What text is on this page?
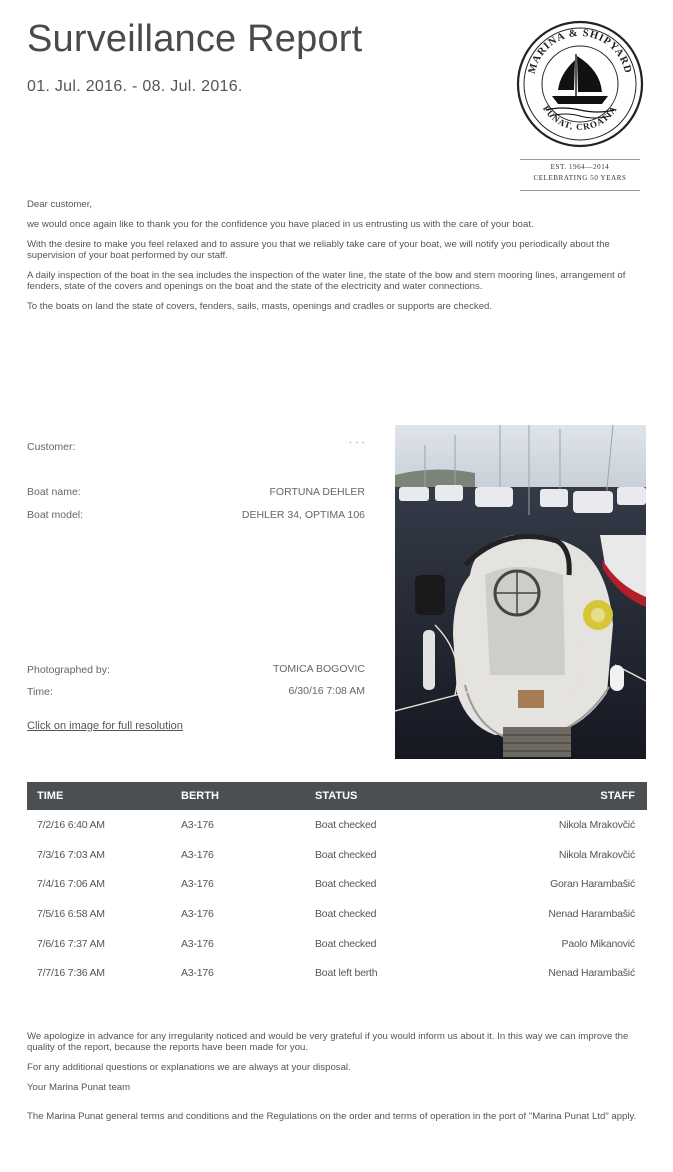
Surveillance Report
01. Jul. 2016. - 08. Jul. 2016.
MARINA & SHIPYARD
PUNAT, CROATIA
EST. 1964—2014
CELEBRATING 50 YEARS

Dear customer,

we would once again like to thank you for the confidence you have placed in us entrusting us with the care of your boat.

With the desire to make you feel relaxed and to assure you that we reliably take care of your boat, we will notify you periodically about the supervision of your boat performed by our staff.

A daily inspection of the boat in the sea includes the inspection of the water line, the state of the bow and stern mooring lines, arrangement of fenders, state of the covers and openings on the boat and the state of the electricity and water connections.

To the boats on land the state of covers, fenders, sails, masts, openings and cradles or supports are checked.

Customer:	· · ·
Boat name:	FORTUNA DEHLER
Boat model:	DEHLER 34, OPTIMA 106
Photographed by:	TOMICA BOGOVIC
Time:	6/30/16 7:08 AM
Click on image for full resolution
TIME	BERTH	STATUS	STAFF
7/2/16 6:40 AM	A3-176	Boat checked	Nikola Mrakovčić
7/3/16 7:03 AM	A3-176	Boat checked	Nikola Mrakovčić
7/4/16 7:06 AM	A3-176	Boat checked	Goran Harambašić
7/5/16 6:58 AM	A3-176	Boat checked	Nenad Harambašić
7/6/16 7:37 AM	A3-176	Boat checked	Paolo Mikanović
7/7/16 7:36 AM	A3-176	Boat left berth	Nenad Harambašić

We apologize in advance for any irregularity noticed and would be very grateful if you would inform us about it. In this way we can improve the quality of the report, because the reports have been made for you.

For any additional questions or explanations we are always at your disposal.

Your Marina Punat team

The Marina Punat general terms and conditions and the Regulations on the order and terms of operation in the port of "Marina Punat Ltd" apply.
